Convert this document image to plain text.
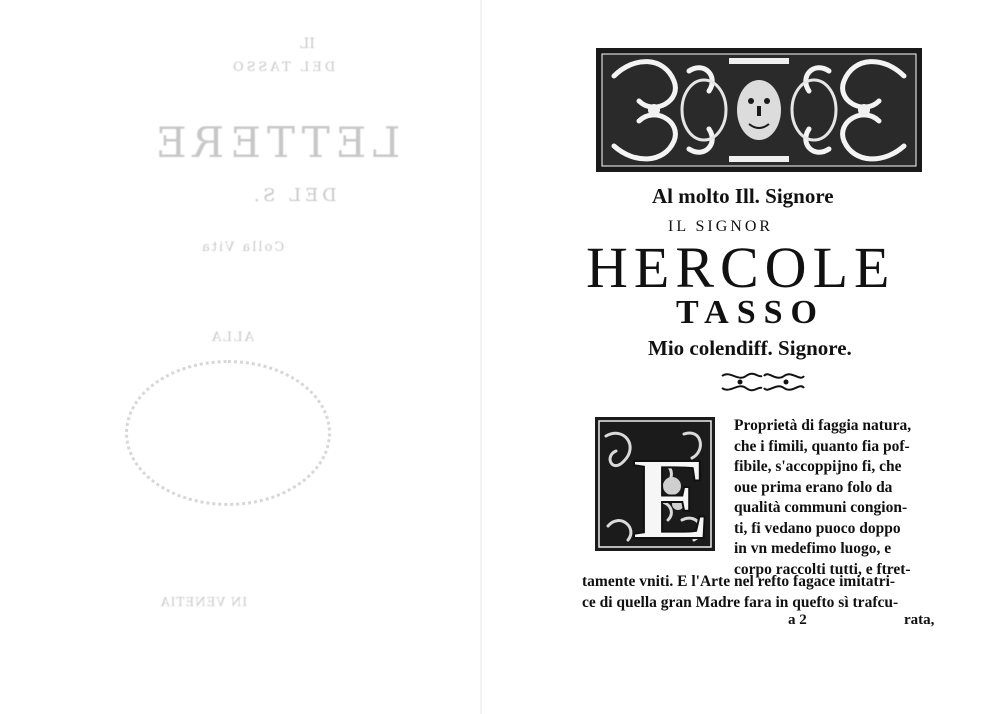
IL
DEL TASSO
LETTERE
DEL S.
Colla Vita
ALLA
IN VENETIA
Al molto Ill. Signore
IL SIGNOR
HERCOLE
TASSO
Mio colendiff. Signore.
E
Proprietà di faggia natura,
che i fimili, quanto fia pof-
fibile, s'accoppijno fi, che
oue prima erano folo da
qualità communi congion-
ti, fi vedano puoco doppo
in vn medefimo luogo, e
corpo raccolti tutti, e ftret-
tamente vniti. E l'Arte nel refto fagace imitatri-
ce di quella gran Madre fara in quefto sì trafcu-
a 2	rata,
